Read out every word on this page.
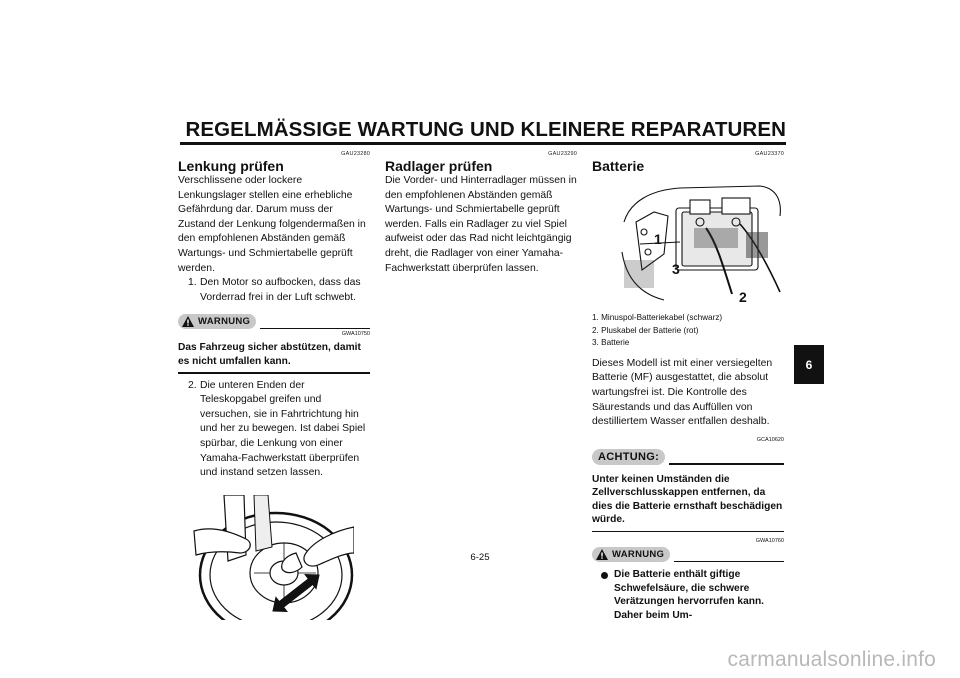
REGELMÄSSIGE WARTUNG UND KLEINERE REPARATUREN
GAU23280
Lenkung prüfen
Verschlissene oder lockere Lenkungslager stellen eine erhebliche Gefährdung dar. Darum muss der Zustand der Lenkung folgendermaßen in den empfohlenen Abständen gemäß Wartungs- und Schmiertabelle geprüft werden.
1. Den Motor so aufbocken, dass das Vorderrad frei in der Luft schwebt.
WARNUNG
GWA10750
Das Fahrzeug sicher abstützen, damit es nicht umfallen kann.
2. Die unteren Enden der Teleskopgabel greifen und versuchen, sie in Fahrtrichtung hin und her zu bewegen. Ist dabei Spiel spürbar, die Lenkung von einer Yamaha-Fachwerkstatt überprüfen und instand setzen lassen.
GAU23290
Radlager prüfen
Die Vorder- und Hinterradlager müssen in den empfohlenen Abständen gemäß Wartungs- und Schmiertabelle geprüft werden. Falls ein Radlager zu viel Spiel aufweist oder das Rad nicht leichtgängig dreht, die Radlager von einer Yamaha-Fachwerkstatt überprüfen lassen.
GAU23370
Batterie
1
2
3
1. Minuspol-Batteriekabel (schwarz)
2. Pluskabel der Batterie (rot)
3. Batterie
Dieses Modell ist mit einer versiegelten Batterie (MF) ausgestattet, die absolut wartungsfrei ist. Die Kontrolle des Säurestands und das Auffüllen von destilliertem Wasser entfallen deshalb.
GCA10620
ACHTUNG:
Unter keinen Umständen die Zellverschlusskappen entfernen, da dies die Batterie ernsthaft beschädigen würde.
GWA10760
WARNUNG
Die Batterie enthält giftige Schwefelsäure, die schwere Verätzungen hervorrufen kann. Daher beim Um-
6
6-25
carmanualsonline.info
